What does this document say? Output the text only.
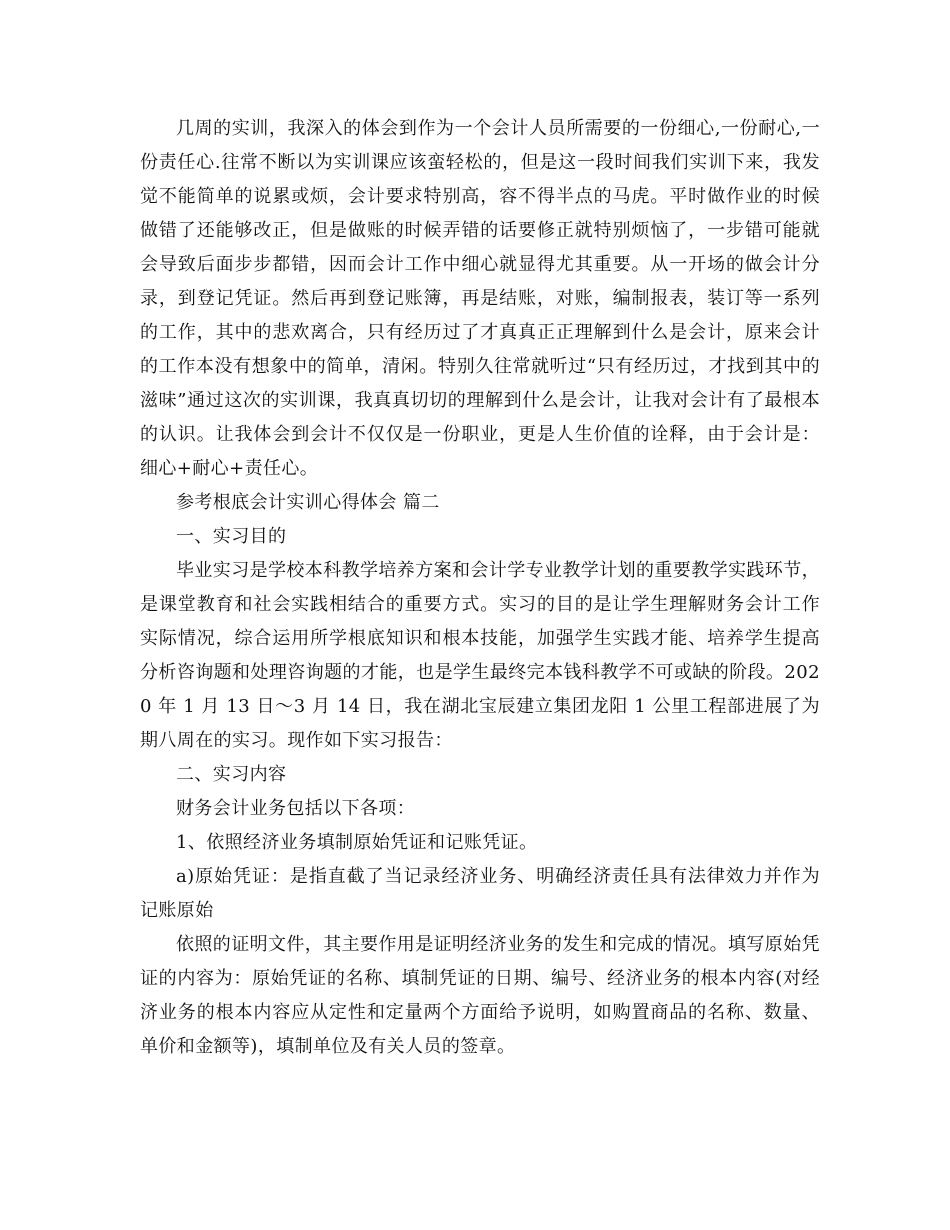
几周的实训，我深入的体会到作为一个会计人员所需要的一份细心,一份耐心,一份责任心.往常不断以为实训课应该蛮轻松的，但是这一段时间我们实训下来，我发觉不能简单的说累或烦，会计要求特别高，容不得半点的马虎。平时做作业的时候做错了还能够改正，但是做账的时候弄错的话要修正就特别烦恼了，一步错可能就会导致后面步步都错，因而会计工作中细心就显得尤其重要。从一开场的做会计分录，到登记凭证。然后再到登记账簿，再是结账，对账，编制报表，装订等一系列的工作，其中的悲欢离合，只有经历过了才真真正正理解到什么是会计，原来会计的工作本没有想象中的简单，清闲。特别久往常就听过“只有经历过，才找到其中的滋味”通过这次的实训课，我真真切切的理解到什么是会计，让我对会计有了最根本的认识。让我体会到会计不仅仅是一份职业，更是人生价值的诠释，由于会计是：细心+耐心+责任心。

参考根底会计实训心得体会 篇二

一、实习目的

毕业实习是学校本科教学培养方案和会计学专业教学计划的重要教学实践环节，是课堂教育和社会实践相结合的重要方式。实习的目的是让学生理解财务会计工作实际情况，综合运用所学根底知识和根本技能，加强学生实践才能、培养学生提高分析咨询题和处理咨询题的才能，也是学生最终完本钱科教学不可或缺的阶段。2020 年 1 月 13 日～3 月 14 日，我在湖北宝辰建立集团龙阳 1 公里工程部进展了为期八周在的实习。现作如下实习报告：

二、实习内容

财务会计业务包括以下各项：

1、依照经济业务填制原始凭证和记账凭证。

a)原始凭证：是指直截了当记录经济业务、明确经济责任具有法律效力并作为记账原始

依照的证明文件，其主要作用是证明经济业务的发生和完成的情况。填写原始凭证的内容为：原始凭证的名称、填制凭证的日期、编号、经济业务的根本内容(对经济业务的根本内容应从定性和定量两个方面给予说明，如购置商品的名称、数量、单价和金额等)，填制单位及有关人员的签章。
